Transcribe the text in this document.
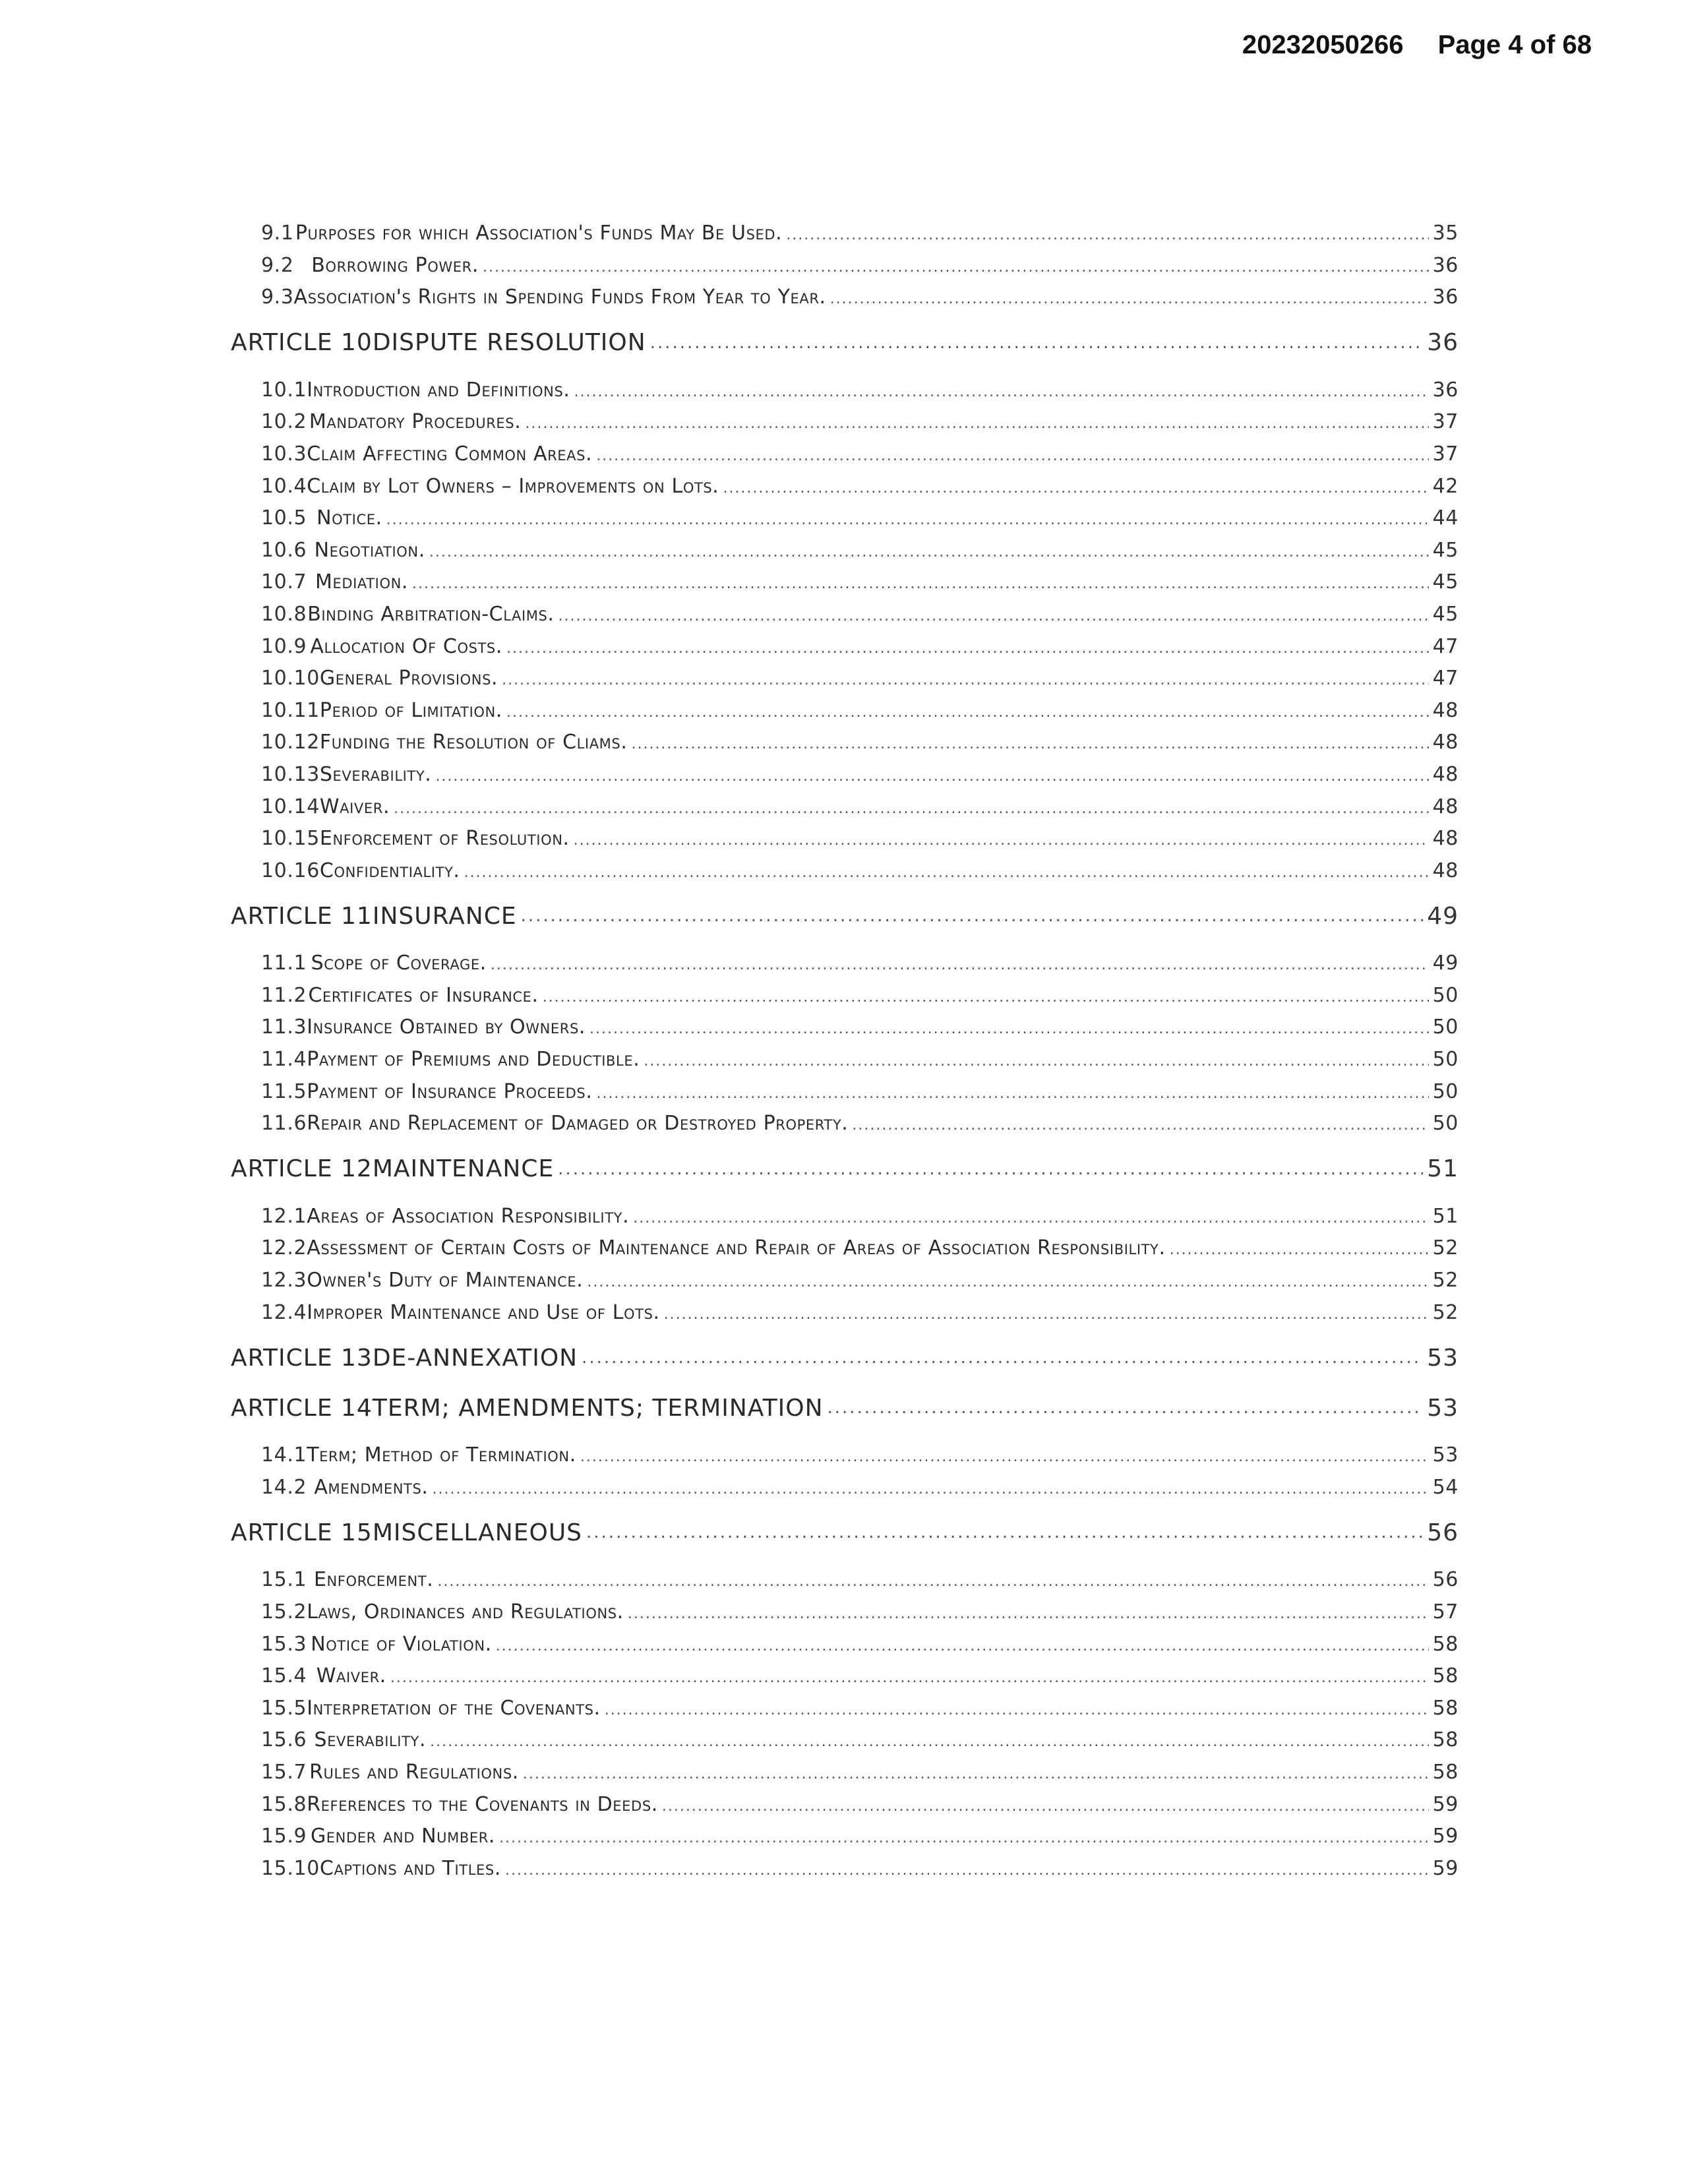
20232050266 Page 4 of 68
9.1 Purposes for which Association's Funds May Be Used. .....	35
9.2 Borrowing Power. .....	36
9.3 Association's Rights in Spending Funds From Year to Year. .....	36
ARTICLE 10 DISPUTE RESOLUTION .....	36
10.1 Introduction and Definitions. .....	36
10.2 Mandatory Procedures. .....	37
10.3 Claim Affecting Common Areas. .....	37
10.4 Claim by Lot Owners – Improvements on Lots. .....	42
10.5 Notice. .....	44
10.6 Negotiation. .....	45
10.7 Mediation. .....	45
10.8 Binding Arbitration-Claims. .....	45
10.9 Allocation Of Costs. .....	47
10.10 General Provisions. .....	47
10.11 Period of Limitation. .....	48
10.12 Funding the Resolution of Cliams. .....	48
10.13 Severability. .....	48
10.14 Waiver. .....	48
10.15 Enforcement of Resolution. .....	48
10.16 Confidentiality. .....	48
ARTICLE 11 INSURANCE .....	49
11.1 Scope of Coverage. .....	49
11.2 Certificates of Insurance. .....	50
11.3 Insurance Obtained by Owners. .....	50
11.4 Payment of Premiums and Deductible. .....	50
11.5 Payment of Insurance Proceeds. .....	50
11.6 Repair and Replacement of Damaged or Destroyed Property. .....	50
ARTICLE 12 MAINTENANCE .....	51
12.1 Areas of Association Responsibility. .....	51
12.2 Assessment of Certain Costs of Maintenance and Repair of Areas of Association Responsibility. .....	52
12.3 Owner's Duty of Maintenance. .....	52
12.4 Improper Maintenance and Use of Lots. .....	52
ARTICLE 13 DE-ANNEXATION .....	53
ARTICLE 14 TERM; AMENDMENTS; TERMINATION .....	53
14.1 Term; Method of Termination. .....	53
14.2 Amendments. .....	54
ARTICLE 15 MISCELLANEOUS .....	56
15.1 Enforcement. .....	56
15.2 Laws, Ordinances and Regulations. .....	57
15.3 Notice of Violation. .....	58
15.4 Waiver. .....	58
15.5 Interpretation of the Covenants. .....	58
15.6 Severability. .....	58
15.7 Rules and Regulations. .....	58
15.8 References to the Covenants in Deeds. .....	59
15.9 Gender and Number. .....	59
15.10 Captions and Titles. .....	59
